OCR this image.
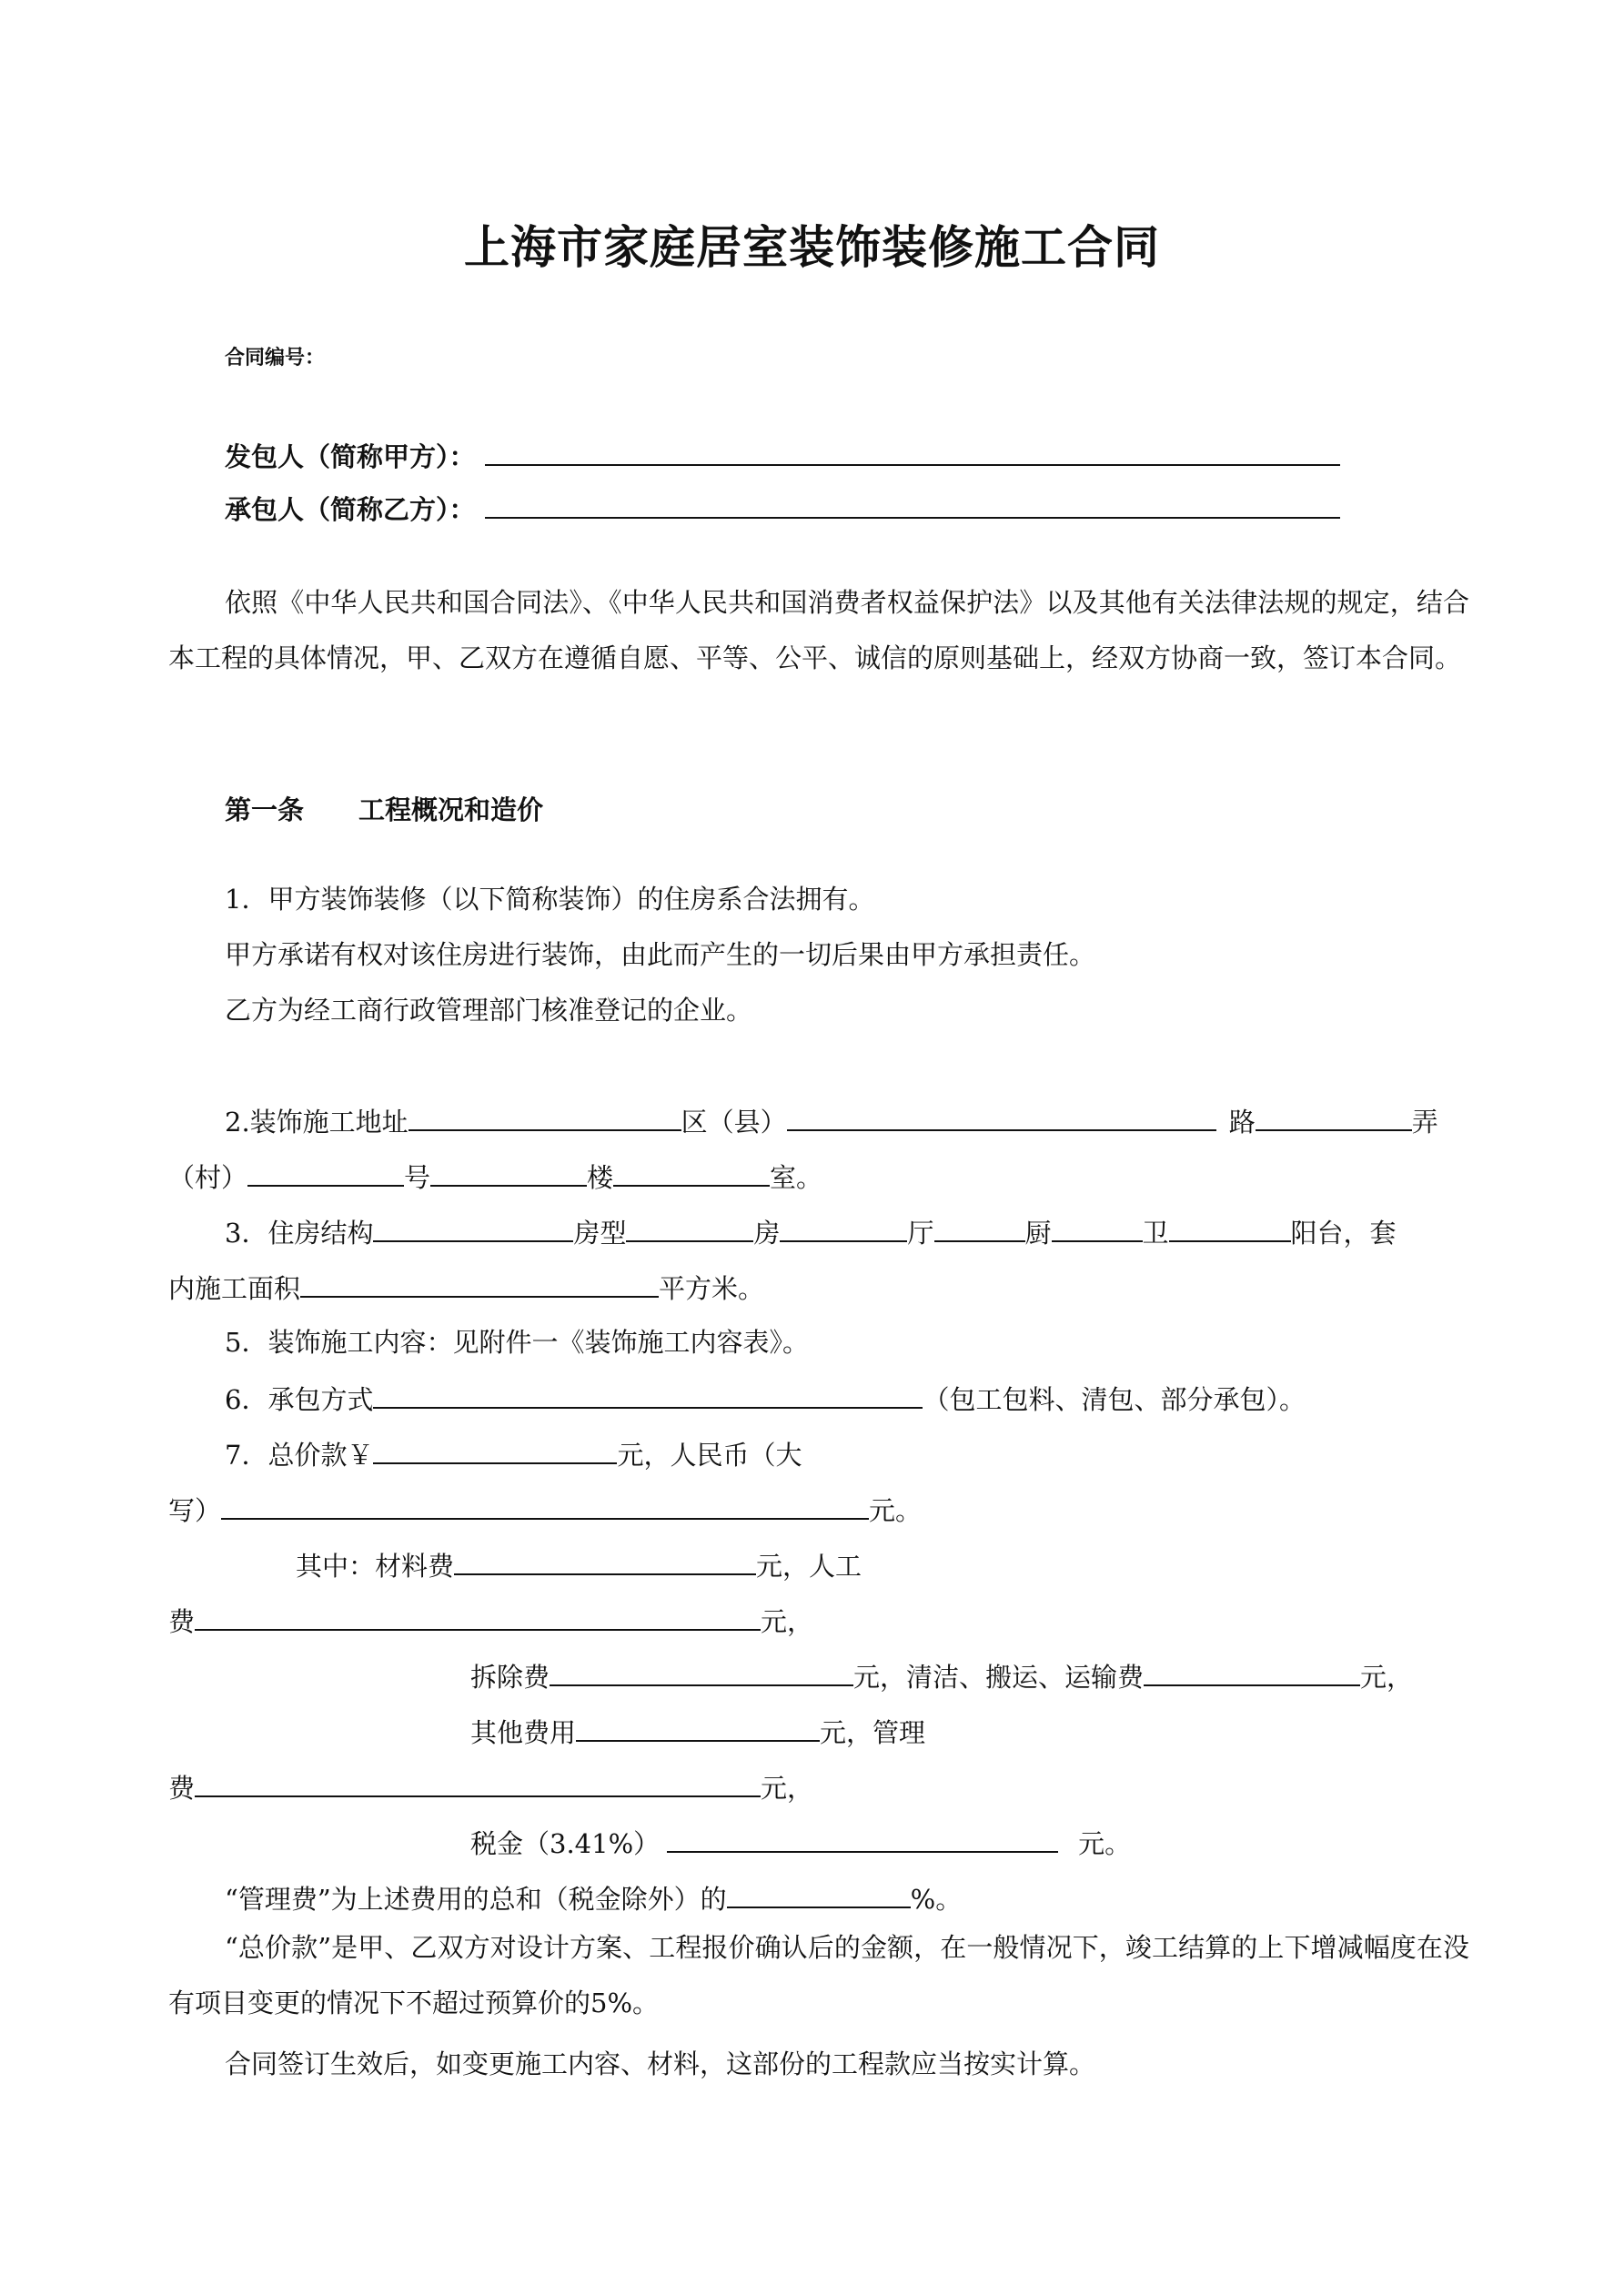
上海市家庭居室装饰装修施工合同
合同编号：
发包人（简称甲方）：
承包人（简称乙方）：

依照《中华人民共和国合同法》、《中华人民共和国消费者权益保护法》以及其他有关法律法规的规定，结合本工程的具体情况，甲、乙双方在遵循自愿、平等、公平、诚信的原则基础上，经双方协商一致，签订本合同。

第一条 工程概况和造价
1．甲方装饰装修（以下简称装饰）的住房系合法拥有。
甲方承诺有权对该住房进行装饰，由此而产生的一切后果由甲方承担责任。
乙方为经工商行政管理部门核准登记的企业。
2.装饰施工地址	区（县）	路	弄
（村）	号	楼	室。
3．住房结构	房型	房	厅	厨	卫	阳台，套
内施工面积	平方米。
5．装饰施工内容：见附件一《装饰施工内容表》。
6．承包方式	（包工包料、清包、部分承包）。
7．总价款￥	元，人民币（大
写）	元。
其中：材料费	元，人工
费	元，
拆除费	元，清洁、搬运、运输费	元，
其他费用	元，管理
费	元，
税金（3.41%）	元。
“管理费”为上述费用的总和（税金除外）的	%。

“总价款”是甲、乙双方对设计方案、工程报价确认后的金额，在一般情况下，竣工结算的上下增减幅度在没有项目变更的情况下不超过预算价的5%。

合同签订生效后，如变更施工内容、材料，这部份的工程款应当按实计算。
